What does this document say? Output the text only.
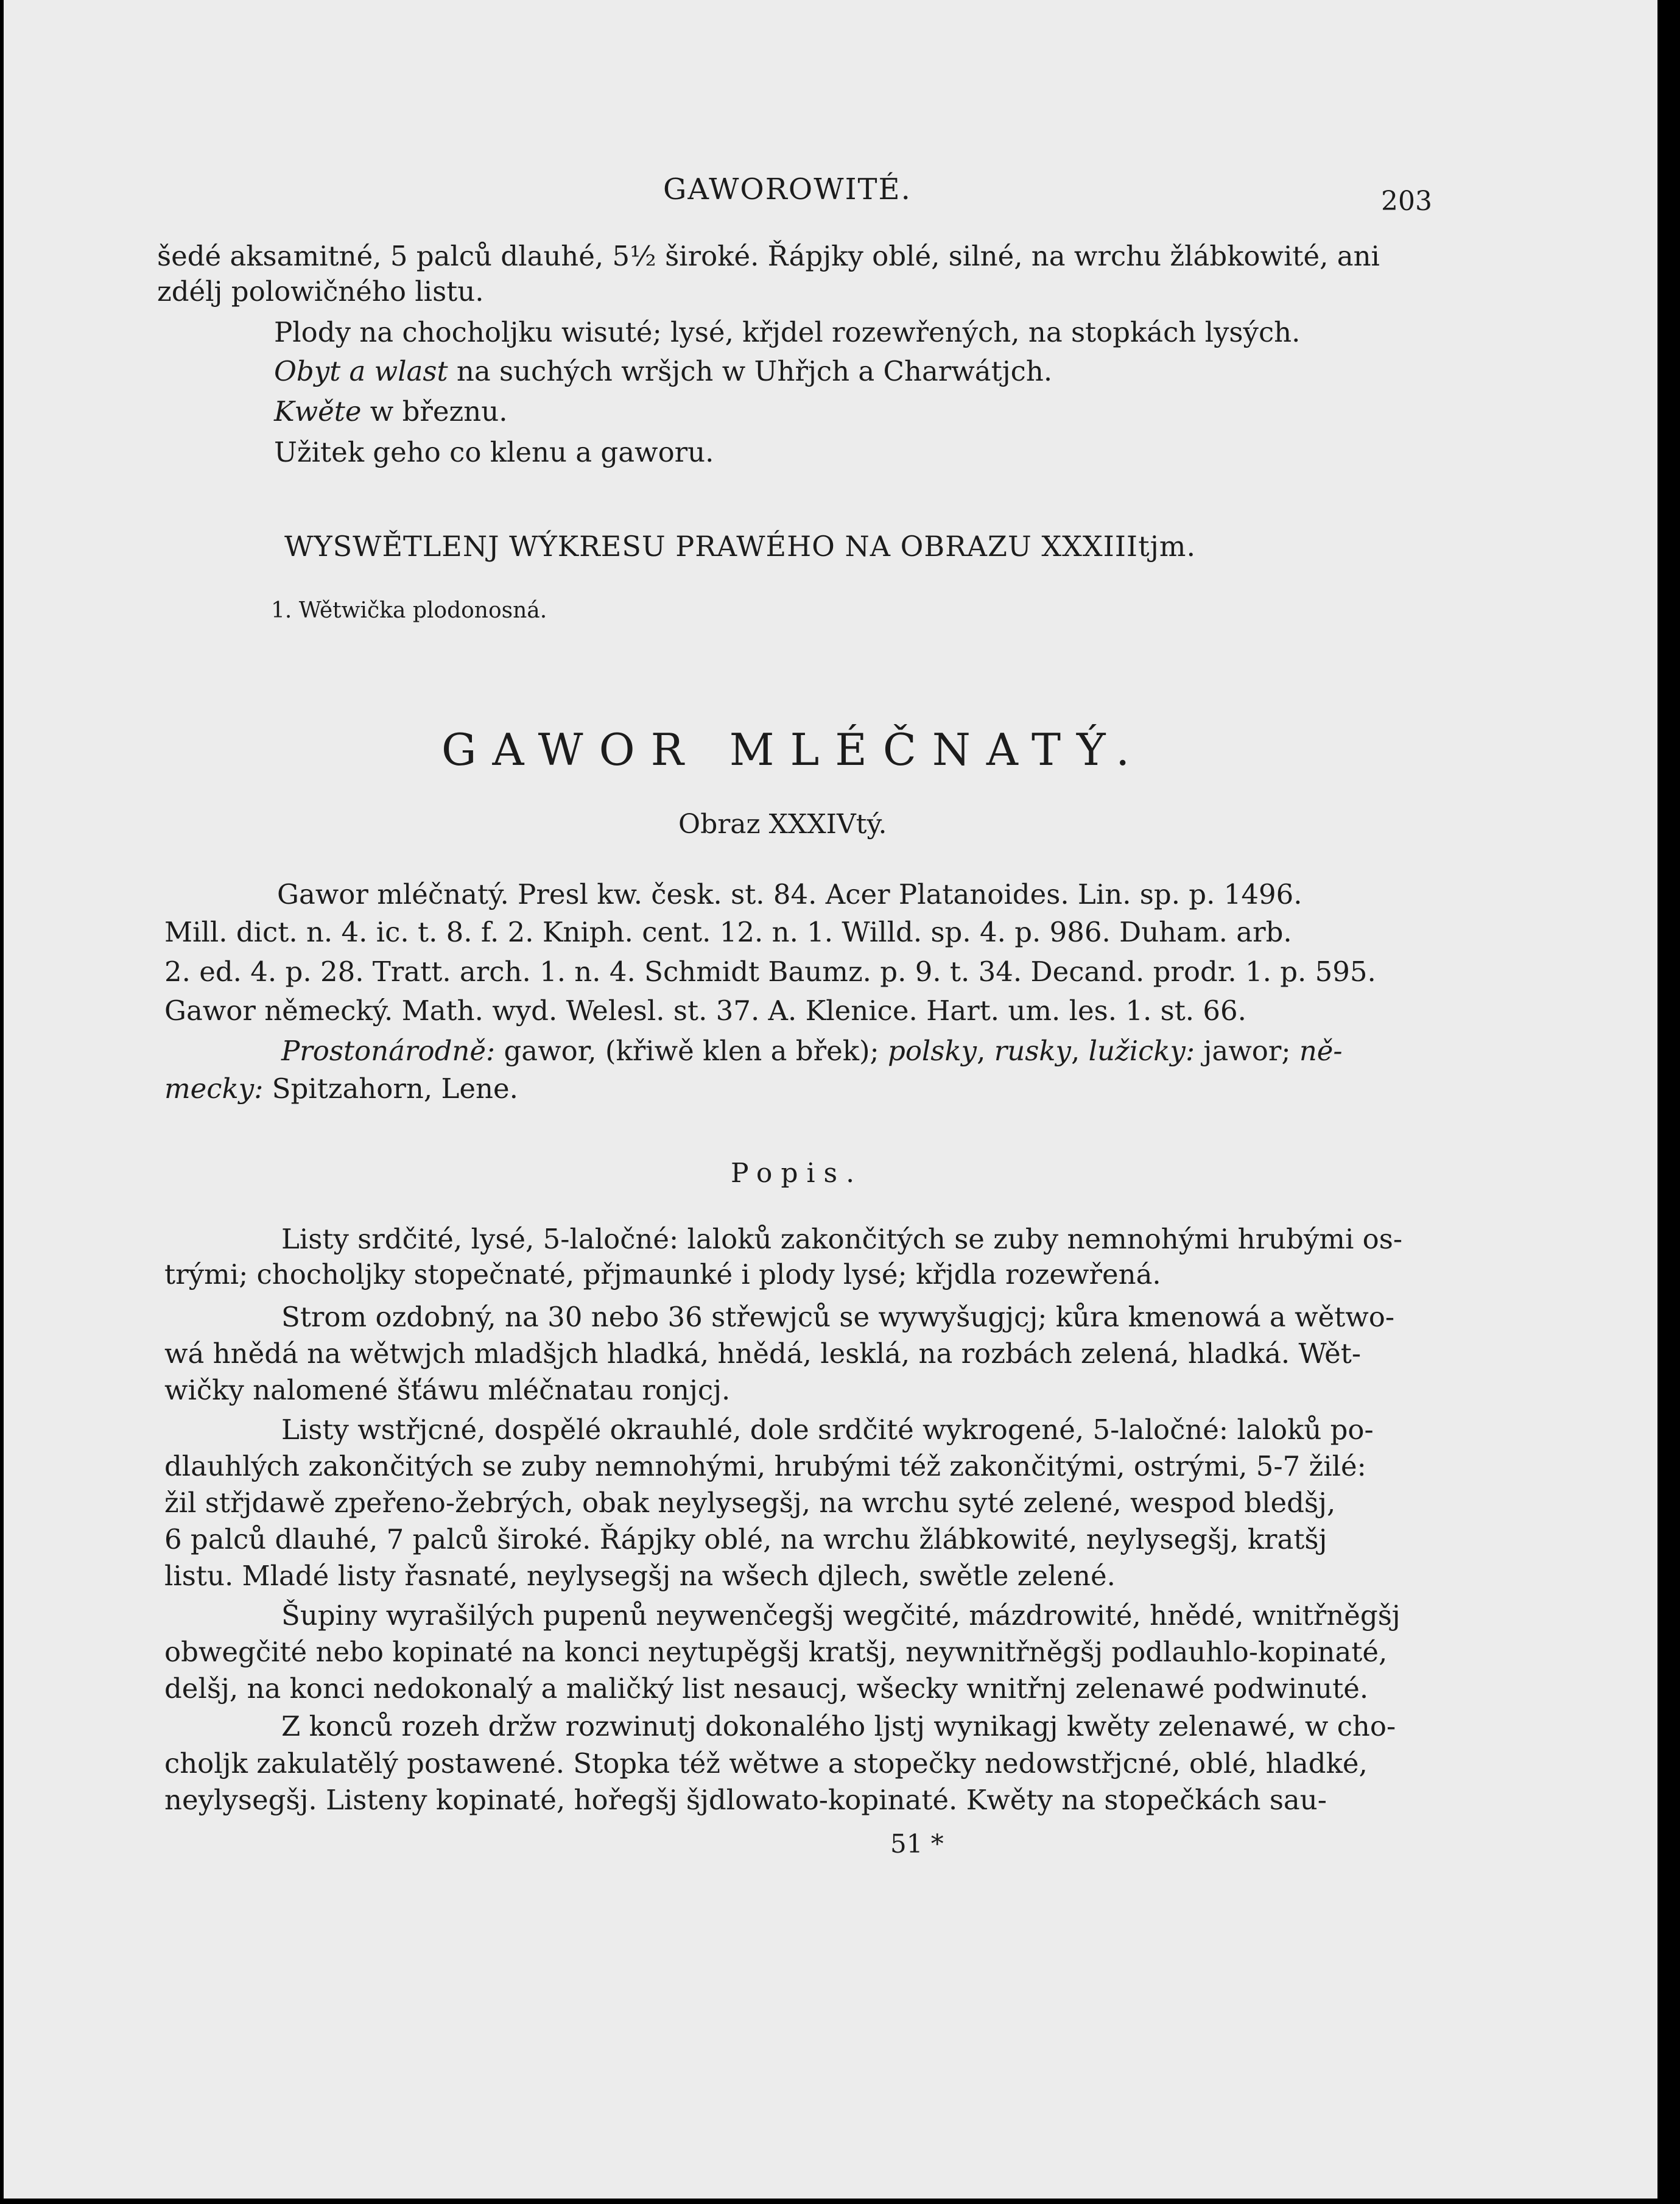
GAWOROWITÉ.	203
šedé aksamitné, 5 palců dlauhé, 5½ široké. Řápjky oblé, silné, na wrchu žlábkowité, ani
zdélj polowičného listu.
Plody na chocholjku wisuté; lysé, křjdel rozewřených, na stopkách lysých.
Obyt a wlast na suchých wršjch w Uhřjch a Charwátjch.
Kwěte w březnu.
Užitek geho co klenu a gaworu.
WYSWĚTLENJ WÝKRESU PRAWÉHO NA OBRAZU XXXIIItjm.
1. Wětwička plodonosná.
GAWOR MLÉČNATÝ.
Obraz XXXIVtý.
Gawor mléčnatý. Presl kw. česk. st. 84. Acer Platanoides. Lin. sp. p. 1496.
Mill. dict. n. 4. ic. t. 8. f. 2. Kniph. cent. 12. n. 1. Willd. sp. 4. p. 986. Duham. arb.
2. ed. 4. p. 28. Tratt. arch. 1. n. 4. Schmidt Baumz. p. 9. t. 34. Decand. prodr. 1. p. 595.
Gawor německý. Math. wyd. Welesl. st. 37. A. Klenice. Hart. um. les. 1. st. 66.
Prostonárodně: gawor, (křiwě klen a břek); polsky, rusky, lužicky: jawor; ně-
mecky: Spitzahorn, Lene.
Popis.
Listy srdčité, lysé, 5-laločné: laloků zakončitých se zuby nemnohými hrubými os-
trými; chocholjky stopečnaté, přjmaunké i plody lysé; křjdla rozewřená.
Strom ozdobný, na 30 nebo 36 střewjců se wywyšugjcj; kůra kmenowá a wětwo-
wá hnědá na wětwjch mladšjch hladká, hnědá, lesklá, na rozbách zelená, hladká. Wět-
wičky nalomené šťáwu mléčnatau ronjcj.
Listy wstřjcné, dospělé okrauhlé, dole srdčité wykrogené, 5-laločné: laloků po-
dlauhlých zakončitých se zuby nemnohými, hrubými též zakončitými, ostrými, 5-7 žilé:
žil střjdawě zpeřeno-žebrých, obak neylysegšj, na wrchu syté zelené, wespod bledšj,
6 palců dlauhé, 7 palců široké. Řápjky oblé, na wrchu žlábkowité, neylysegšj, kratšj
listu. Mladé listy řasnaté, neylysegšj na wšech djlech, swětle zelené.
Šupiny wyrašilých pupenů neywenčegšj wegčité, mázdrowité, hnědé, wnitřněgšj
obwegčité nebo kopinaté na konci neytupěgšj kratšj, neywnitřněgšj podlauhlo-kopinaté,
delšj, na konci nedokonalý a maličký list nesaucj, wšecky wnitřnj zelenawé podwinuté.
Z konců rozeh držw rozwinutj dokonalého ljstj wynikagj kwěty zelenawé, w cho-
choljk zakulatělý postawené. Stopka též wětwe a stopečky nedowstřjcné, oblé, hladké,
neylysegšj. Listeny kopinaté, hořegšj šjdlowato-kopinaté. Kwěty na stopečkách sau-
51 *
